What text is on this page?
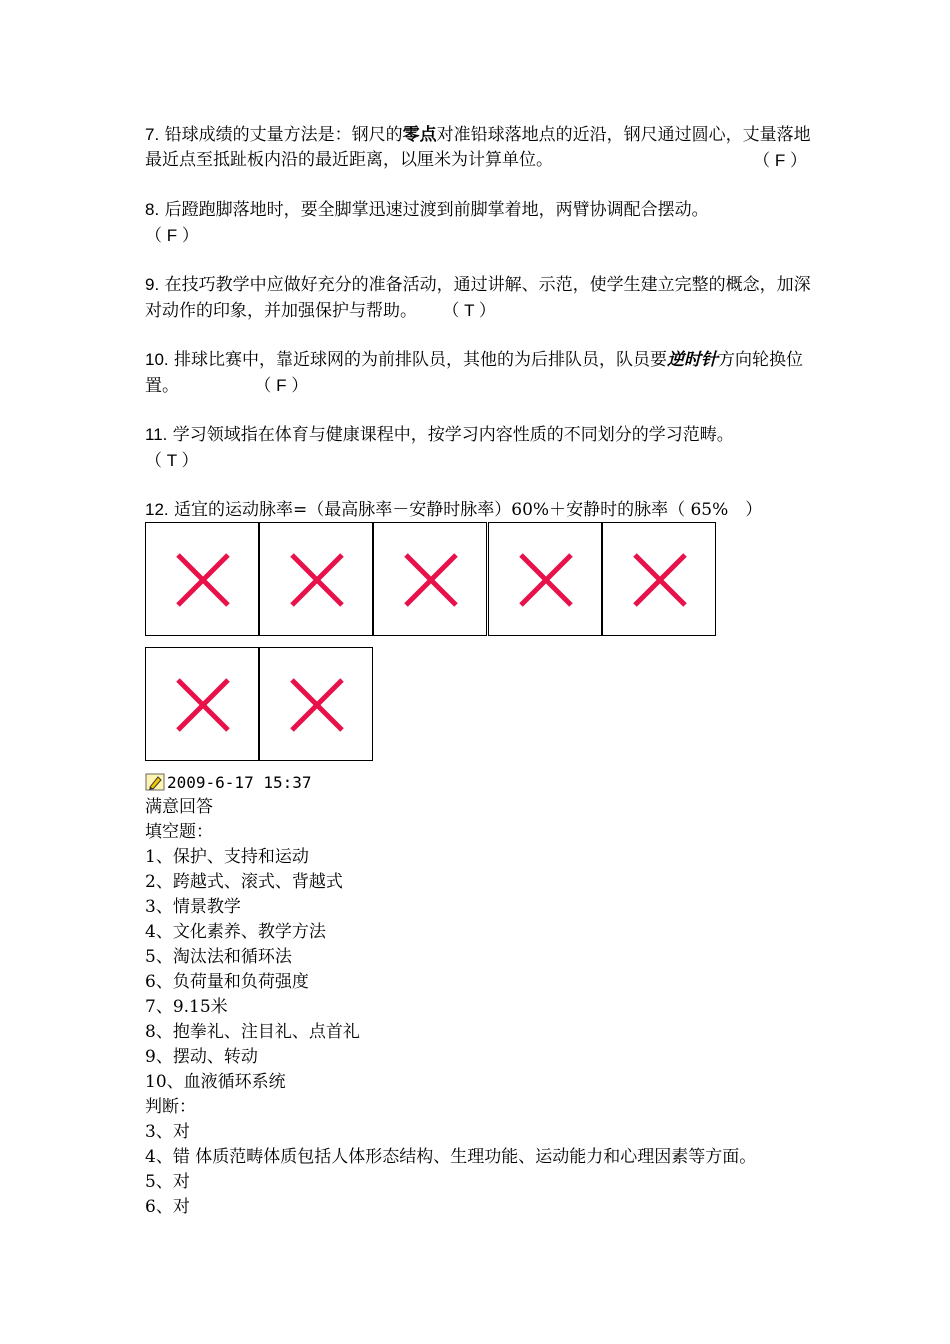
7. 铅球成绩的丈量方法是：钢尺的零点对准铅球落地点的近沿，钢尺通过圆心，丈量落地最近点至抵趾板内沿的最近距离，以厘米为计算单位。	（ F ）
8. 后蹬跑脚落地时，要全脚掌迅速过渡到前脚掌着地，两臂协调配合摆动。
（ F ）
9. 在技巧教学中应做好充分的准备活动，通过讲解、示范，使学生建立完整的概念，加深对动作的印象，并加强保护与帮助。 （ T ）
10. 排球比赛中，靠近球网的为前排队员，其他的为后排队员，队员要逆时针方向轮换位置。	（ F ）
11. 学习领域指在体育与健康课程中，按学习内容性质的不同划分的学习范畴。
（ T ）
12. 适宜的运动脉率=（最高脉率－安静时脉率）60%＋安静时的脉率（ 65%　）
2009-6-17 15:37
满意回答
填空题：
1、保护、支持和运动
2、跨越式、滚式、背越式
3、情景教学
4、文化素养、教学方法
5、淘汰法和循环法
6、负荷量和负荷强度
7、9.15米
8、抱拳礼、注目礼、点首礼
9、摆动、转动
10、血液循环系统
判断：
3、对
4、错 体质范畴体质包括人体形态结构、生理功能、运动能力和心理因素等方面。
5、对
6、对
